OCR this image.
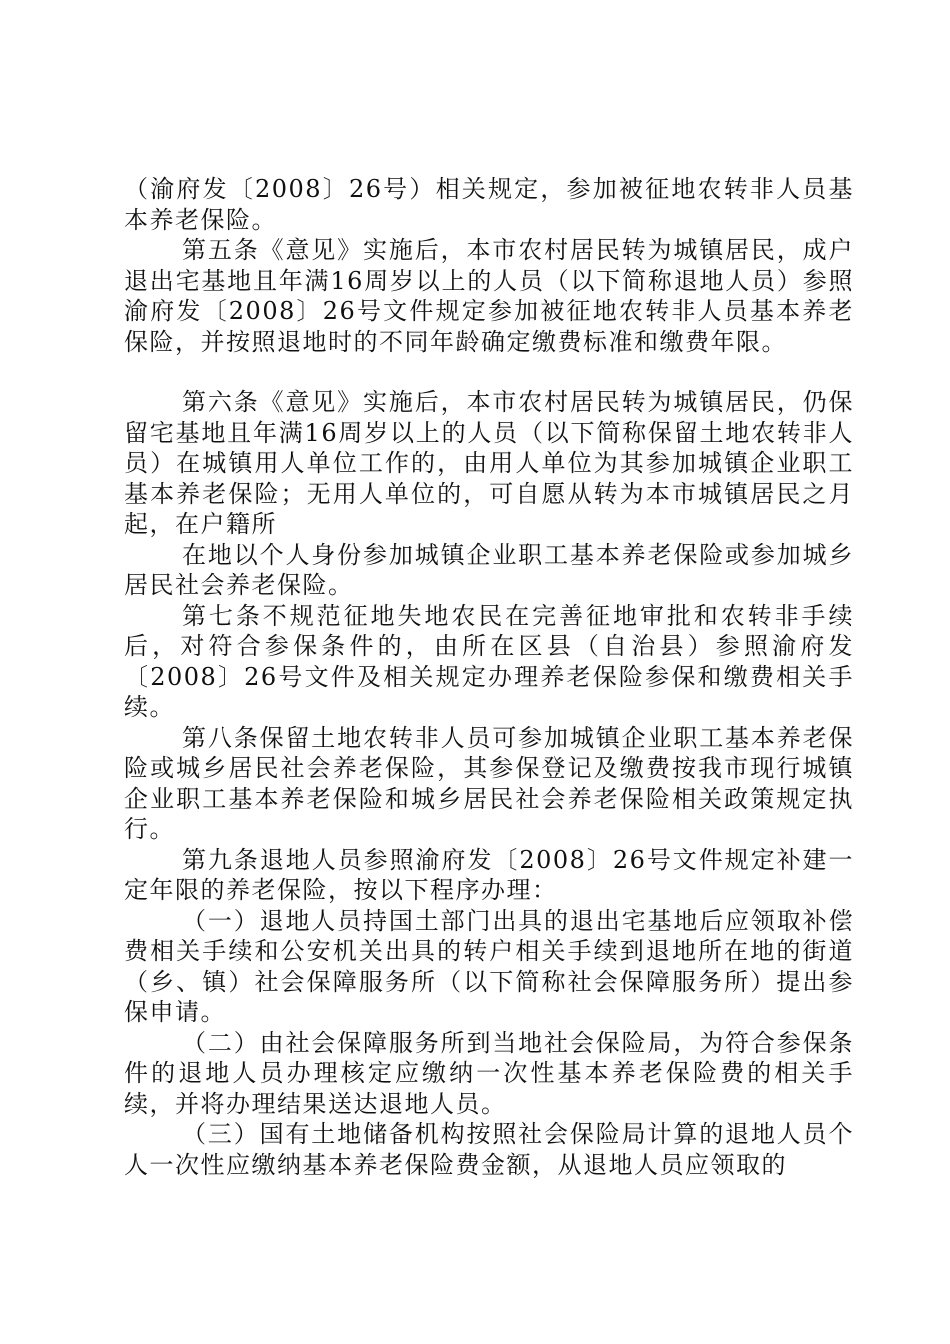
（渝府发〔2008〕26号）相关规定，参加被征地农转非人员基本养老保险。

第五条《意见》实施后，本市农村居民转为城镇居民，成户退出宅基地且年满16周岁以上的人员（以下简称退地人员）参照渝府发〔2008〕26号文件规定参加被征地农转非人员基本养老保险，并按照退地时的不同年龄确定缴费标准和缴费年限。

第六条《意见》实施后，本市农村居民转为城镇居民，仍保留宅基地且年满16周岁以上的人员（以下简称保留土地农转非人员）在城镇用人单位工作的，由用人单位为其参加城镇企业职工基本养老保险；无用人单位的，可自愿从转为本市城镇居民之月起，在户籍所

在地以个人身份参加城镇企业职工基本养老保险或参加城乡居民社会养老保险。

第七条不规范征地失地农民在完善征地审批和农转非手续后，对符合参保条件的，由所在区县（自治县）参照渝府发〔2008〕26号文件及相关规定办理养老保险参保和缴费相关手续。

第八条保留土地农转非人员可参加城镇企业职工基本养老保险或城乡居民社会养老保险，其参保登记及缴费按我市现行城镇企业职工基本养老保险和城乡居民社会养老保险相关政策规定执行。

第九条退地人员参照渝府发〔2008〕26号文件规定补建一定年限的养老保险，按以下程序办理：

（一）退地人员持国土部门出具的退出宅基地后应领取补偿费相关手续和公安机关出具的转户相关手续到退地所在地的街道（乡、镇）社会保障服务所（以下简称社会保障服务所）提出参保申请。

（二）由社会保障服务所到当地社会保险局，为符合参保条件的退地人员办理核定应缴纳一次性基本养老保险费的相关手续，并将办理结果送达退地人员。

（三）国有土地储备机构按照社会保险局计算的退地人员个人一次性应缴纳基本养老保险费金额，从退地人员应领取的
